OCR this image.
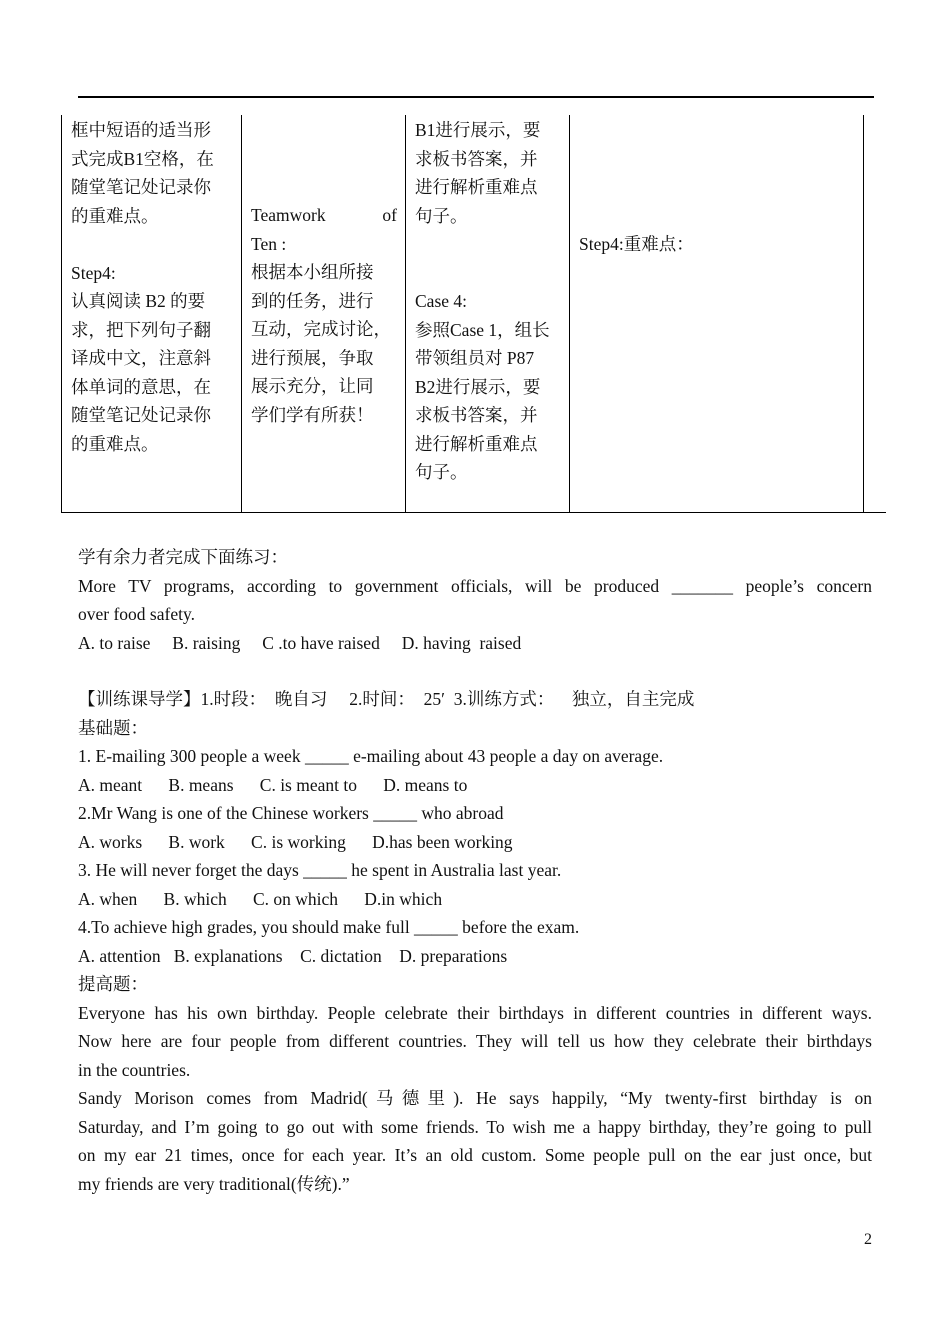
框中短语的适当形
式完成B1空格，在
随堂笔记处记录你
的重难点。
Step4:
认真阅读 B2 的要
求，把下列句子翻
译成中文，注意斜
体单词的意思，在
随堂笔记处记录你
的重难点。
Teamwork	of
Ten :
根据本小组所接
到的任务，进行
互动，完成讨论，
进行预展，争取
展示充分，让同
学们学有所获！
B1进行展示，要
求板书答案，并
进行解析重难点
句子。
Case 4:
参照Case 1，组长
带领组员对 P87
B2进行展示，要
求板书答案，并
进行解析重难点
句子。
Step4:重难点：
学有余力者完成下面练习：
More TV programs, according to government officials, will be produced _______ people’s concern
over food safety.
A. to raise     B. raising     C .to have raised     D. having  raised
【训练课导学】1.时段：  晚自习     2.时间：  25′  3.训练方式：    独立，自主完成
基础题：
1. E-mailing 300 people a week _____ e-mailing about 43 people a day on average.
A. meant      B. means      C. is meant to      D. means to
2.Mr Wang is one of the Chinese workers _____ who abroad
A. works      B. work      C. is working      D.has been working
3. He will never forget the days _____ he spent in Australia last year.
A. when      B. which      C. on which      D.in which
4.To achieve high grades, you should make full _____ before the exam.
A. attention   B. explanations    C. dictation    D. preparations
提高题：
Everyone has his own birthday. People celebrate their birthdays in different countries in different ways.
Now here are four people from different countries. They will tell us how they celebrate their birthdays
in the countries.
Sandy Morison comes from Madrid(马德里). He says happily, “My twenty-first birthday is on
Saturday, and I’m going to go out with some friends. To wish me a happy birthday, they’re going to pull
on my ear 21 times, once for each year. It’s an old custom. Some people pull on the ear just once, but
my friends are very traditional(传统).”
2
